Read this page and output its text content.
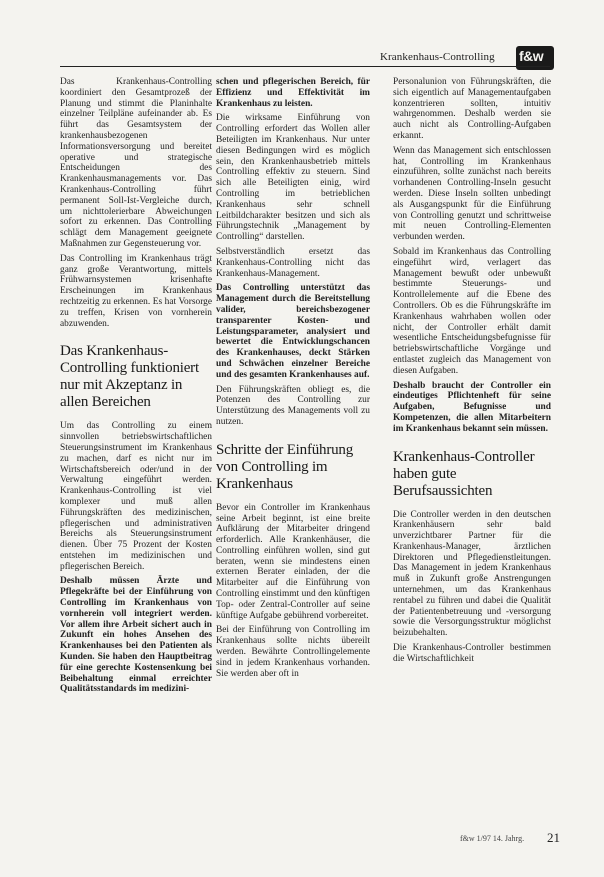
Krankenhaus-Controlling f&w

Das Krankenhaus-Controlling koordiniert den Gesamtprozeß der Planung und stimmt die Planinhalte einzelner Teilpläne aufeinander ab. Es führt das Gesamtsystem der krankenhausbezogenen Informationsversorgung und bereitet operative und strategische Entscheidungen des Krankenhausmanagements vor. Das Krankenhaus-Controlling führt permanent Soll-Ist-Vergleiche durch, um nichttolerierbare Abweichungen sofort zu erkennen. Das Controlling schlägt dem Management geeignete Maßnahmen zur Gegensteuerung vor.

Das Controlling im Krankenhaus trägt ganz große Verantwortung, mittels Frühwarnsystemen krisenhafte Erscheinungen im Krankenhaus rechtzeitig zu erkennen. Es hat Vorsorge zu treffen, Krisen von vornherein abzuwenden.

Das Krankenhaus-Controlling funktioniert nur mit Akzeptanz in allen Bereichen

Um das Controlling zu einem sinnvollen betriebswirtschaftlichen Steuerungsinstrument im Krankenhaus zu machen, darf es nicht nur im Wirtschaftsbereich oder/und in der Verwaltung eingeführt werden. Krankenhaus-Controlling ist viel komplexer und muß allen Führungskräften des medizinischen, pflegerischen und administrativen Bereichs als Steuerungsinstrument dienen. Über 75 Prozent der Kosten entstehen im medizinischen und pflegerischen Bereich.

Deshalb müssen Ärzte und Pflegekräfte bei der Einführung von Controlling im Krankenhaus von vornherein voll integriert werden. Vor allem ihre Arbeit sichert auch in Zukunft ein hohes Ansehen des Krankenhauses bei den Patienten als Kunden. Sie haben den Hauptbeitrag für eine gerechte Kostensenkung bei Beibehaltung einmal erreichter Qualitätsstandards im medizini-

schen und pflegerischen Bereich, für Effizienz und Effektivität im Krankenhaus zu leisten.

Die wirksame Einführung von Controlling erfordert das Wollen aller Beteiligten im Krankenhaus. Nur unter diesen Bedingungen wird es möglich sein, den Krankenhausbetrieb mittels Controlling effektiv zu steuern. Sind sich alle Beteiligten einig, wird Controlling im betrieblichen Krankenhaus sehr schnell Leitbildcharakter besitzen und sich als Führungstechnik „Management by Controlling“ darstellen.

Selbstverständlich ersetzt das Krankenhaus-Controlling nicht das Krankenhaus-Management.

Das Controlling unterstützt das Management durch die Bereitstellung valider, bereichsbezogener transparenter Kosten- und Leistungsparameter, analysiert und bewertet die Entwicklungschancen des Krankenhauses, deckt Stärken und Schwächen einzelner Bereiche und des gesamten Krankenhauses auf.

Den Führungskräften obliegt es, die Potenzen des Controlling zur Unterstützung des Managements voll zu nutzen.

Schritte der Einführung von Controlling im Krankenhaus

Bevor ein Controller im Krankenhaus seine Arbeit beginnt, ist eine breite Aufklärung der Mitarbeiter dringend erforderlich. Alle Krankenhäuser, die Controlling einführen wollen, sind gut beraten, wenn sie mindestens einen externen Berater einladen, der die Mitarbeiter auf die Einführung von Controlling einstimmt und den künftigen Top- oder Zentral-Controller auf seine künftige Aufgabe gebührend vorbereitet.

Bei der Einführung von Controlling im Krankenhaus sollte nichts übereilt werden. Bewährte Controllingelemente sind in jedem Krankenhaus vorhanden. Sie werden aber oft in

Personalunion von Führungskräften, die sich eigentlich auf Managementaufgaben konzentrieren sollten, intuitiv wahrgenommen. Deshalb werden sie auch nicht als Controlling-Aufgaben erkannt.

Wenn das Management sich entschlossen hat, Controlling im Krankenhaus einzuführen, sollte zunächst nach bereits vorhandenen Controlling-Inseln gesucht werden. Diese Inseln sollten unbedingt als Ausgangspunkt für die Einführung von Controlling genutzt und schrittweise mit neuen Controlling-Elementen verbunden werden.

Sobald im Krankenhaus das Controlling eingeführt wird, verlagert das Management bewußt oder unbewußt bestimmte Steuerungs- und Kontrollelemente auf die Ebene des Controllers. Ob es die Führungskräfte im Krankenhaus wahrhaben wollen oder nicht, der Controller erhält damit wesentliche Entscheidungsbefugnisse für betriebswirtschaftliche Vorgänge und entlastet zugleich das Management von diesen Aufgaben.

Deshalb braucht der Controller ein eindeutiges Pflichtenheft für seine Aufgaben, Befugnisse und Kompetenzen, die allen Mitarbeitern im Krankenhaus bekannt sein müssen.

Krankenhaus-Controller haben gute Berufsaussichten

Die Controller werden in den deutschen Krankenhäusern sehr bald unverzichtbarer Partner für die Krankenhaus-Manager, ärztlichen Direktoren und Pflegedienstleitungen. Das Management in jedem Krankenhaus muß in Zukunft große Anstrengungen unternehmen, um das Krankenhaus rentabel zu führen und dabei die Qualität der Patientenbetreuung und -versorgung sowie die Versorgungsstruktur möglichst beizubehalten.

Die Krankenhaus-Controller bestimmen die Wirtschaftlichkeit

f&w 1/97 14. Jahrg. 21
